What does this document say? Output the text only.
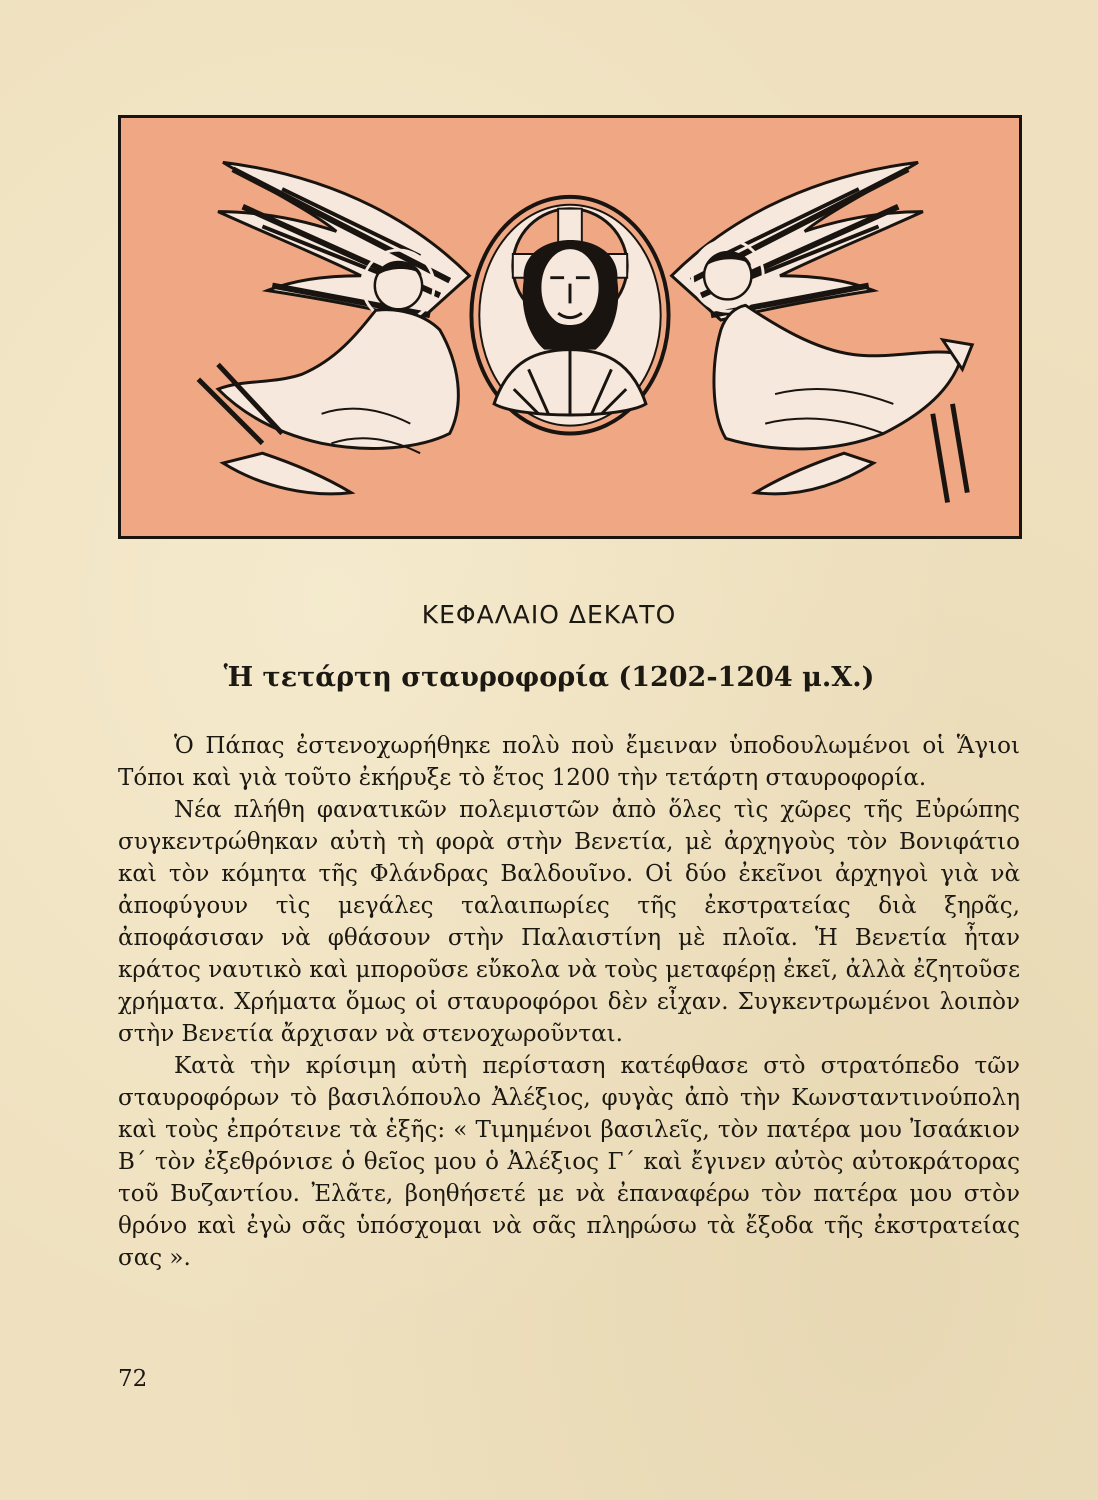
ΚΕΦΑΛΑΙΟ ΔΕΚΑΤΟ
Ἡ τετάρτη σταυροφορία (1202-1204 μ.Χ.)

Ὁ Πάπας ἐστενοχωρήθηκε πολὺ ποὺ ἔμειναν ὑποδουλωμένοι οἱ Ἅγιοι Τόποι καὶ γιὰ τοῦτο ἐκήρυξε τὸ ἔτος 1200 τὴν τετάρτη σταυροφορία.

Νέα πλήθη φανατικῶν πολεμιστῶν ἀπὸ ὅλες τὶς χῶρες τῆς Εὐρώπης συγκεντρώθηκαν αὐτὴ τὴ φορὰ στὴν Βενετία, μὲ ἀρχηγοὺς τὸν Βονιφάτιο καὶ τὸν κόμητα τῆς Φλάνδρας Βαλδουῖνο. Οἱ δύο ἐκεῖνοι ἀρχηγοὶ γιὰ νὰ ἀποφύγουν τὶς μεγάλες ταλαιπωρίες τῆς ἐκστρατείας διὰ ξηρᾶς, ἀποφάσισαν νὰ φθάσουν στὴν Παλαιστίνη μὲ πλοῖα. Ἡ Βενετία ἦταν κράτος ναυτικὸ καὶ μποροῦσε εὔκολα νὰ τοὺς μεταφέρῃ ἐκεῖ, ἀλλὰ ἐζητοῦσε χρήματα. Χρήματα ὅμως οἱ σταυροφόροι δὲν εἶχαν. Συγκεντρωμένοι λοιπὸν στὴν Βενετία ἄρχισαν νὰ στενοχωροῦνται.

Κατὰ τὴν κρίσιμη αὐτὴ περίσταση κατέφθασε στὸ στρατόπεδο τῶν σταυροφόρων τὸ βασιλόπουλο Ἀλέξιος, φυγὰς ἀπὸ τὴν Κωνσταντινούπολη καὶ τοὺς ἐπρότεινε τὰ ἑξῆς: « Τιμημένοι βασιλεῖς, τὸν πατέρα μου Ἰσαάκιον Β΄ τὸν ἐξεθρόνισε ὁ θεῖος μου ὁ Ἀλέξιος Γ΄ καὶ ἔγινεν αὐτὸς αὐτοκράτορας τοῦ Βυζαντίου. Ἐλᾶτε, βοηθήσετέ με νὰ ἐπαναφέρω τὸν πατέρα μου στὸν θρόνο καὶ ἐγὼ σᾶς ὑπόσχομαι νὰ σᾶς πληρώσω τὰ ἔξοδα τῆς ἐκστρατείας σας ».

72
